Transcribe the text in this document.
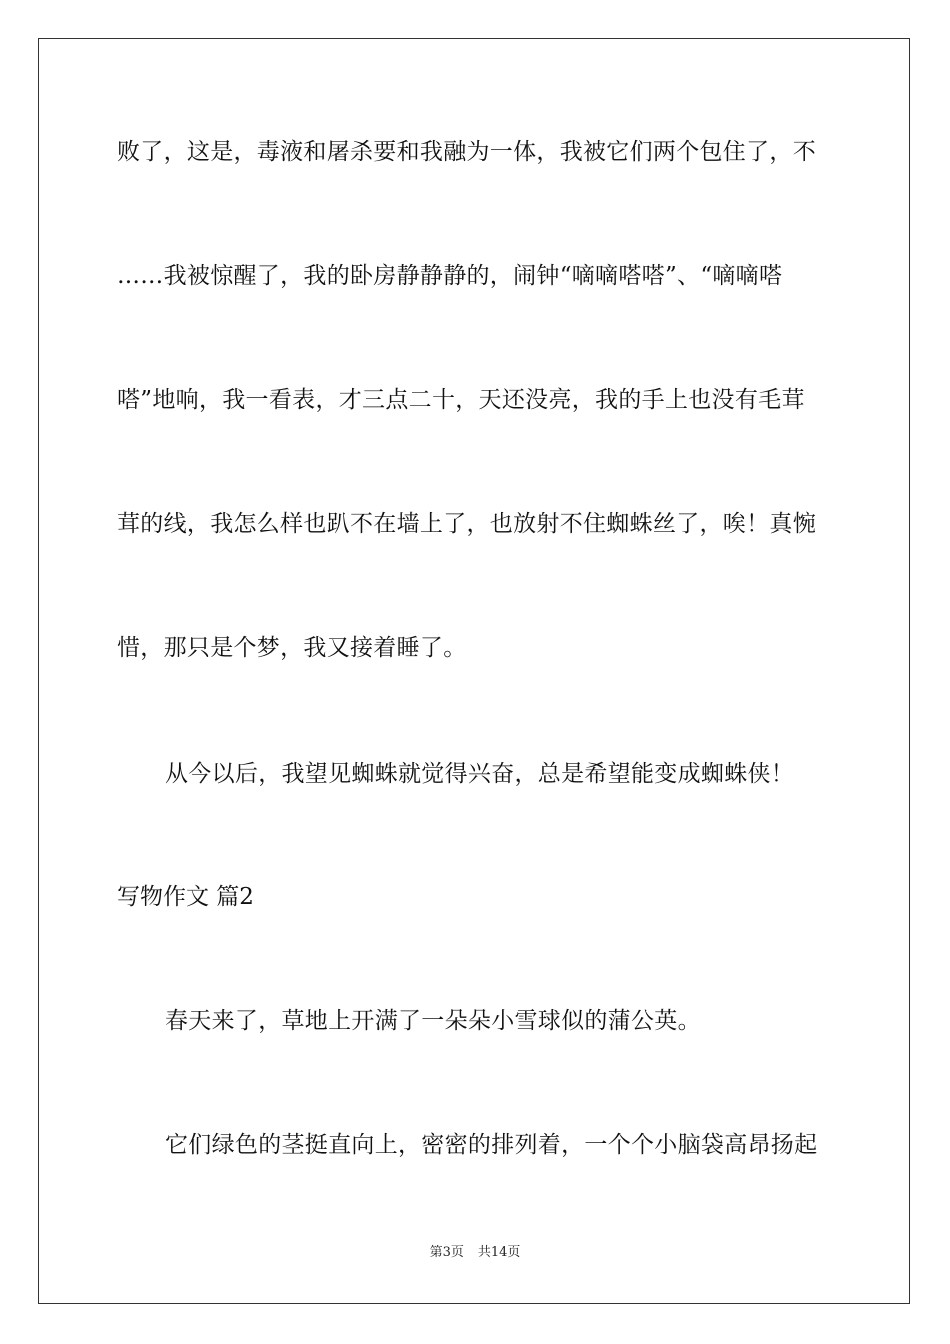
败了，这是，毒液和屠杀要和我融为一体，我被它们两个包住了，不
……我被惊醒了，我的卧房静静静的，闹钟“嘀嘀嗒嗒”、“嘀嘀嗒
嗒”地响，我一看表，才三点二十，天还没亮，我的手上也没有毛茸
茸的线，我怎么样也趴不在墙上了，也放射不住蜘蛛丝了，唉！真惋
惜，那只是个梦，我又接着睡了。
从今以后，我望见蜘蛛就觉得兴奋，总是希望能变成蜘蛛侠！
写物作文 篇2
春天来了，草地上开满了一朵朵小雪球似的蒲公英。
它们绿色的茎挺直向上，密密的排列着，一个个小脑袋高昂扬起
第3页 共14页
